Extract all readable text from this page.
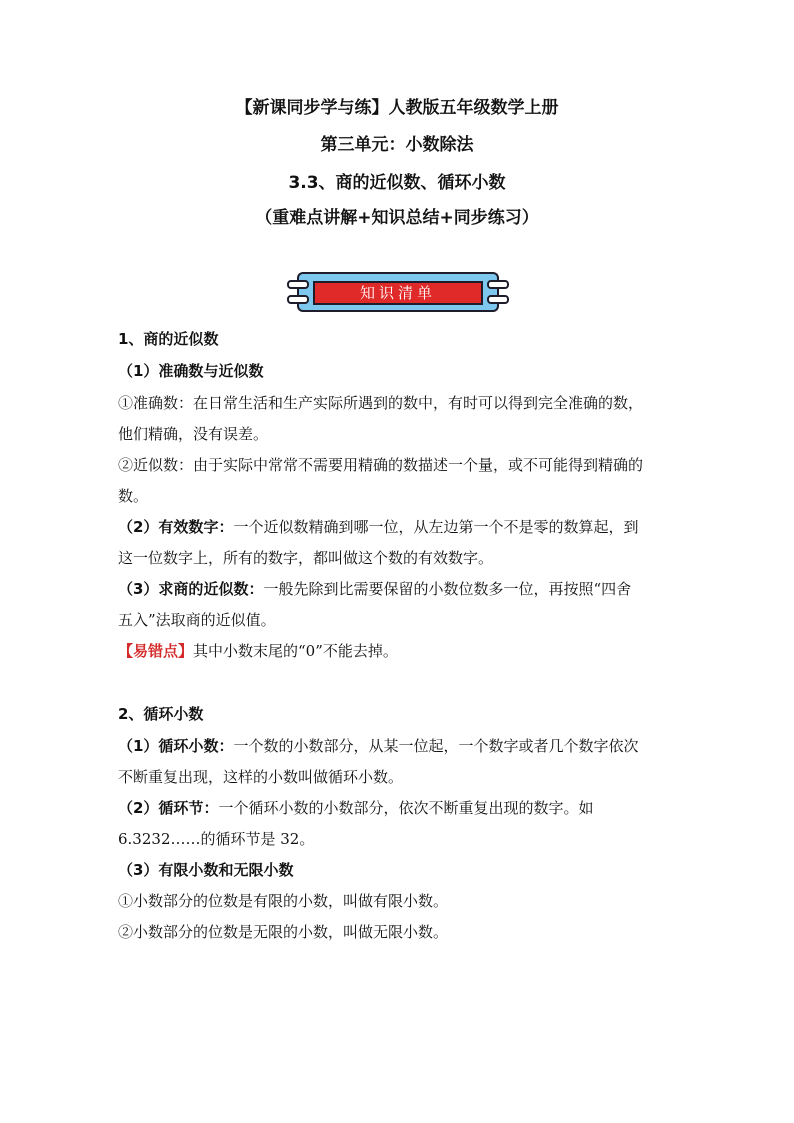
【新课同步学与练】人教版五年级数学上册
第三单元：小数除法
3.3、商的近似数、循环小数
（重难点讲解+知识总结+同步练习）
知识清单
1、商的近似数
（1）准确数与近似数
①准确数：在日常生活和生产实际所遇到的数中，有时可以得到完全准确的数，
他们精确，没有误差。
②近似数：由于实际中常常不需要用精确的数描述一个量，或不可能得到精确的
数。
（2）有效数字：一个近似数精确到哪一位，从左边第一个不是零的数算起，到
这一位数字上，所有的数字，都叫做这个数的有效数字。
（3）求商的近似数：一般先除到比需要保留的小数位数多一位，再按照“四舍
五入”法取商的近似值。
【易错点】其中小数末尾的“0”不能去掉。
2、循环小数
（1）循环小数：一个数的小数部分，从某一位起，一个数字或者几个数字依次
不断重复出现，这样的小数叫做循环小数。
（2）循环节：一个循环小数的小数部分，依次不断重复出现的数字。如
6.3232……的循环节是 32。
（3）有限小数和无限小数
①小数部分的位数是有限的小数，叫做有限小数。
②小数部分的位数是无限的小数，叫做无限小数。
